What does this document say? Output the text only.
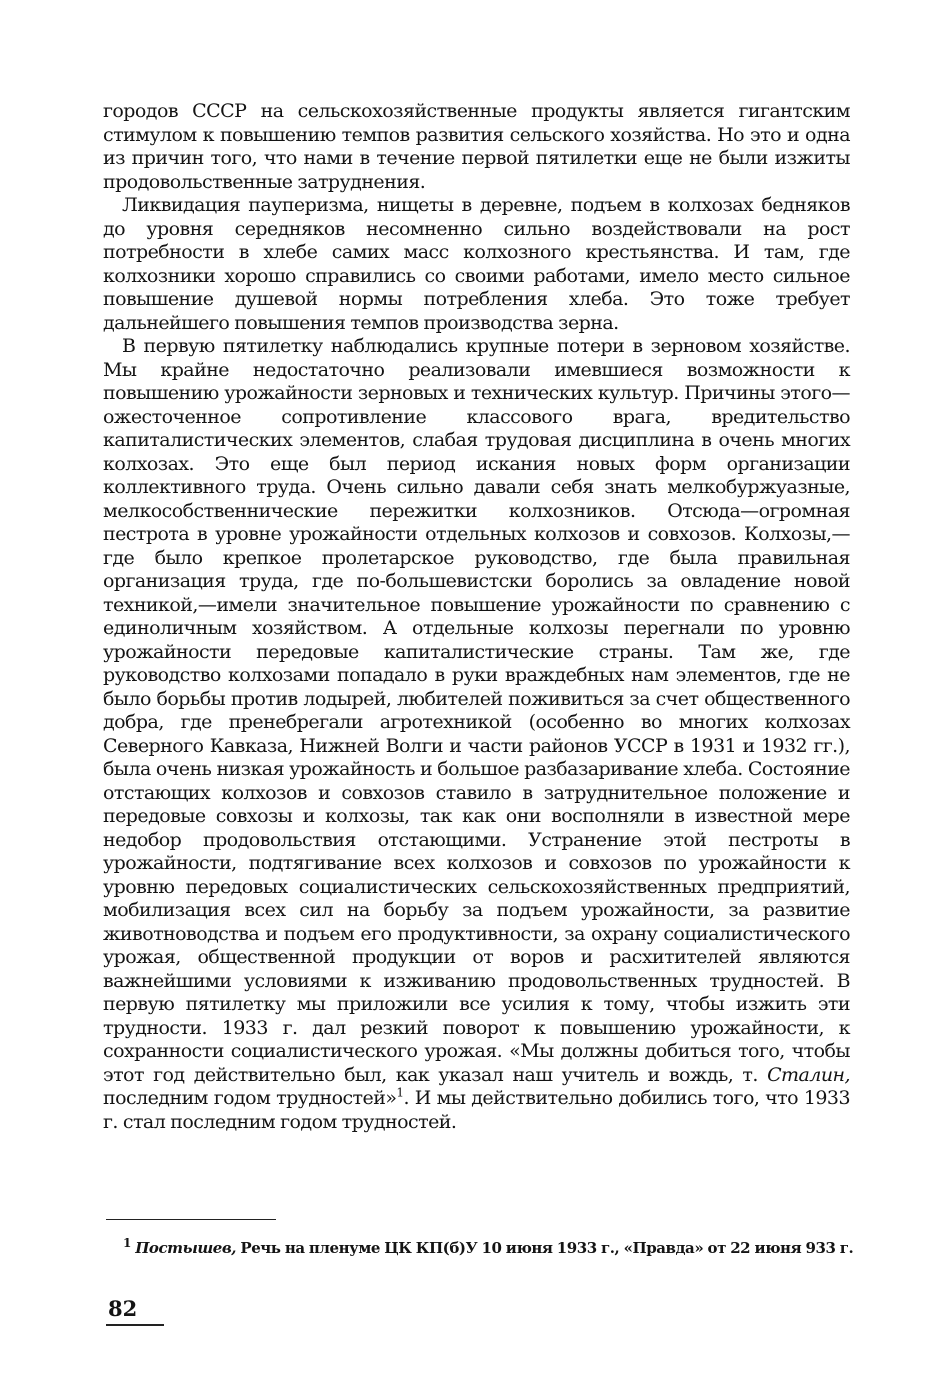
городов СССР на сельскохозяйственные продукты является гигантским стимулом к повышению темпов развития сельского хозяйства. Но это и одна из причин того, что нами в течение первой пятилетки еще не были изжиты продовольственные затруднения.

Ликвидация пауперизма, нищеты в деревне, подъем в колхозах бедняков до уровня середняков несомненно сильно воздействовали на рост потребности в хлебе самих масс колхозного крестьянства. И там, где колхозники хорошо справились со своими работами, имело место сильное повышение душевой нормы потребления хлеба. Это тоже требует дальнейшего повышения темпов производства зерна.

В первую пятилетку наблюдались крупные потери в зерновом хозяйстве. Мы крайне недостаточно реализовали имевшиеся возможности к повышению урожайности зерновых и технических культур. Причины этого—ожесточенное сопротивление классового врага, вредительство капиталистических элементов, слабая трудовая дисциплина в очень многих колхозах. Это еще был период искания новых форм организации коллективного труда. Очень сильно давали себя знать мелкобуржуазные, мелкособственнические пережитки колхозников. Отсюда—огромная пестрота в уровне урожайности отдельных колхозов и совхозов. Колхозы,—где было крепкое пролетарское руководство, где была правильная организация труда, где по-большевистски боролись за овладение новой техникой,—имели значительное повышение урожайности по сравнению с единоличным хозяйством. А отдельные колхозы перегнали по уровню урожайности передовые капиталистические страны. Там же, где руководство колхозами попадало в руки враждебных нам элементов, где не было борьбы против лодырей, любителей поживиться за счет общественного добра, где пренебрегали агротехникой (особенно во многих колхозах Северного Кавказа, Нижней Волги и части районов УССР в 1931 и 1932 гг.), была очень низкая урожайность и большое разбазаривание хлеба. Состояние отстающих колхозов и совхозов ставило в затруднительное положение и передовые совхозы и колхозы, так как они восполняли в известной мере недобор продовольствия отстающими. Устранение этой пестроты в урожайности, подтягивание всех колхозов и совхозов по урожайности к уровню передовых социалистических сельскохозяйственных предприятий, мобилизация всех сил на борьбу за подъем урожайности, за развитие животноводства и подъем его продуктивности, за охрану социалистического урожая, общественной продукции от воров и расхитителей являются важнейшими условиями к изживанию продовольственных трудностей. В первую пятилетку мы приложили все усилия к тому, чтобы изжить эти трудности. 1933 г. дал резкий поворот к повышению урожайности, к сохранности социалистического урожая. «Мы должны добиться того, чтобы этот год действительно был, как указал наш учитель и вождь, т. Сталин, последним годом трудностей»$^1$. И мы действительно добились того, что 1933 г. стал последним годом трудностей.

$^1$ Постышев, Речь на пленуме ЦК КП(б)У 10 июня 1933 г., «Правда» от 22 июня 933 г.

82
